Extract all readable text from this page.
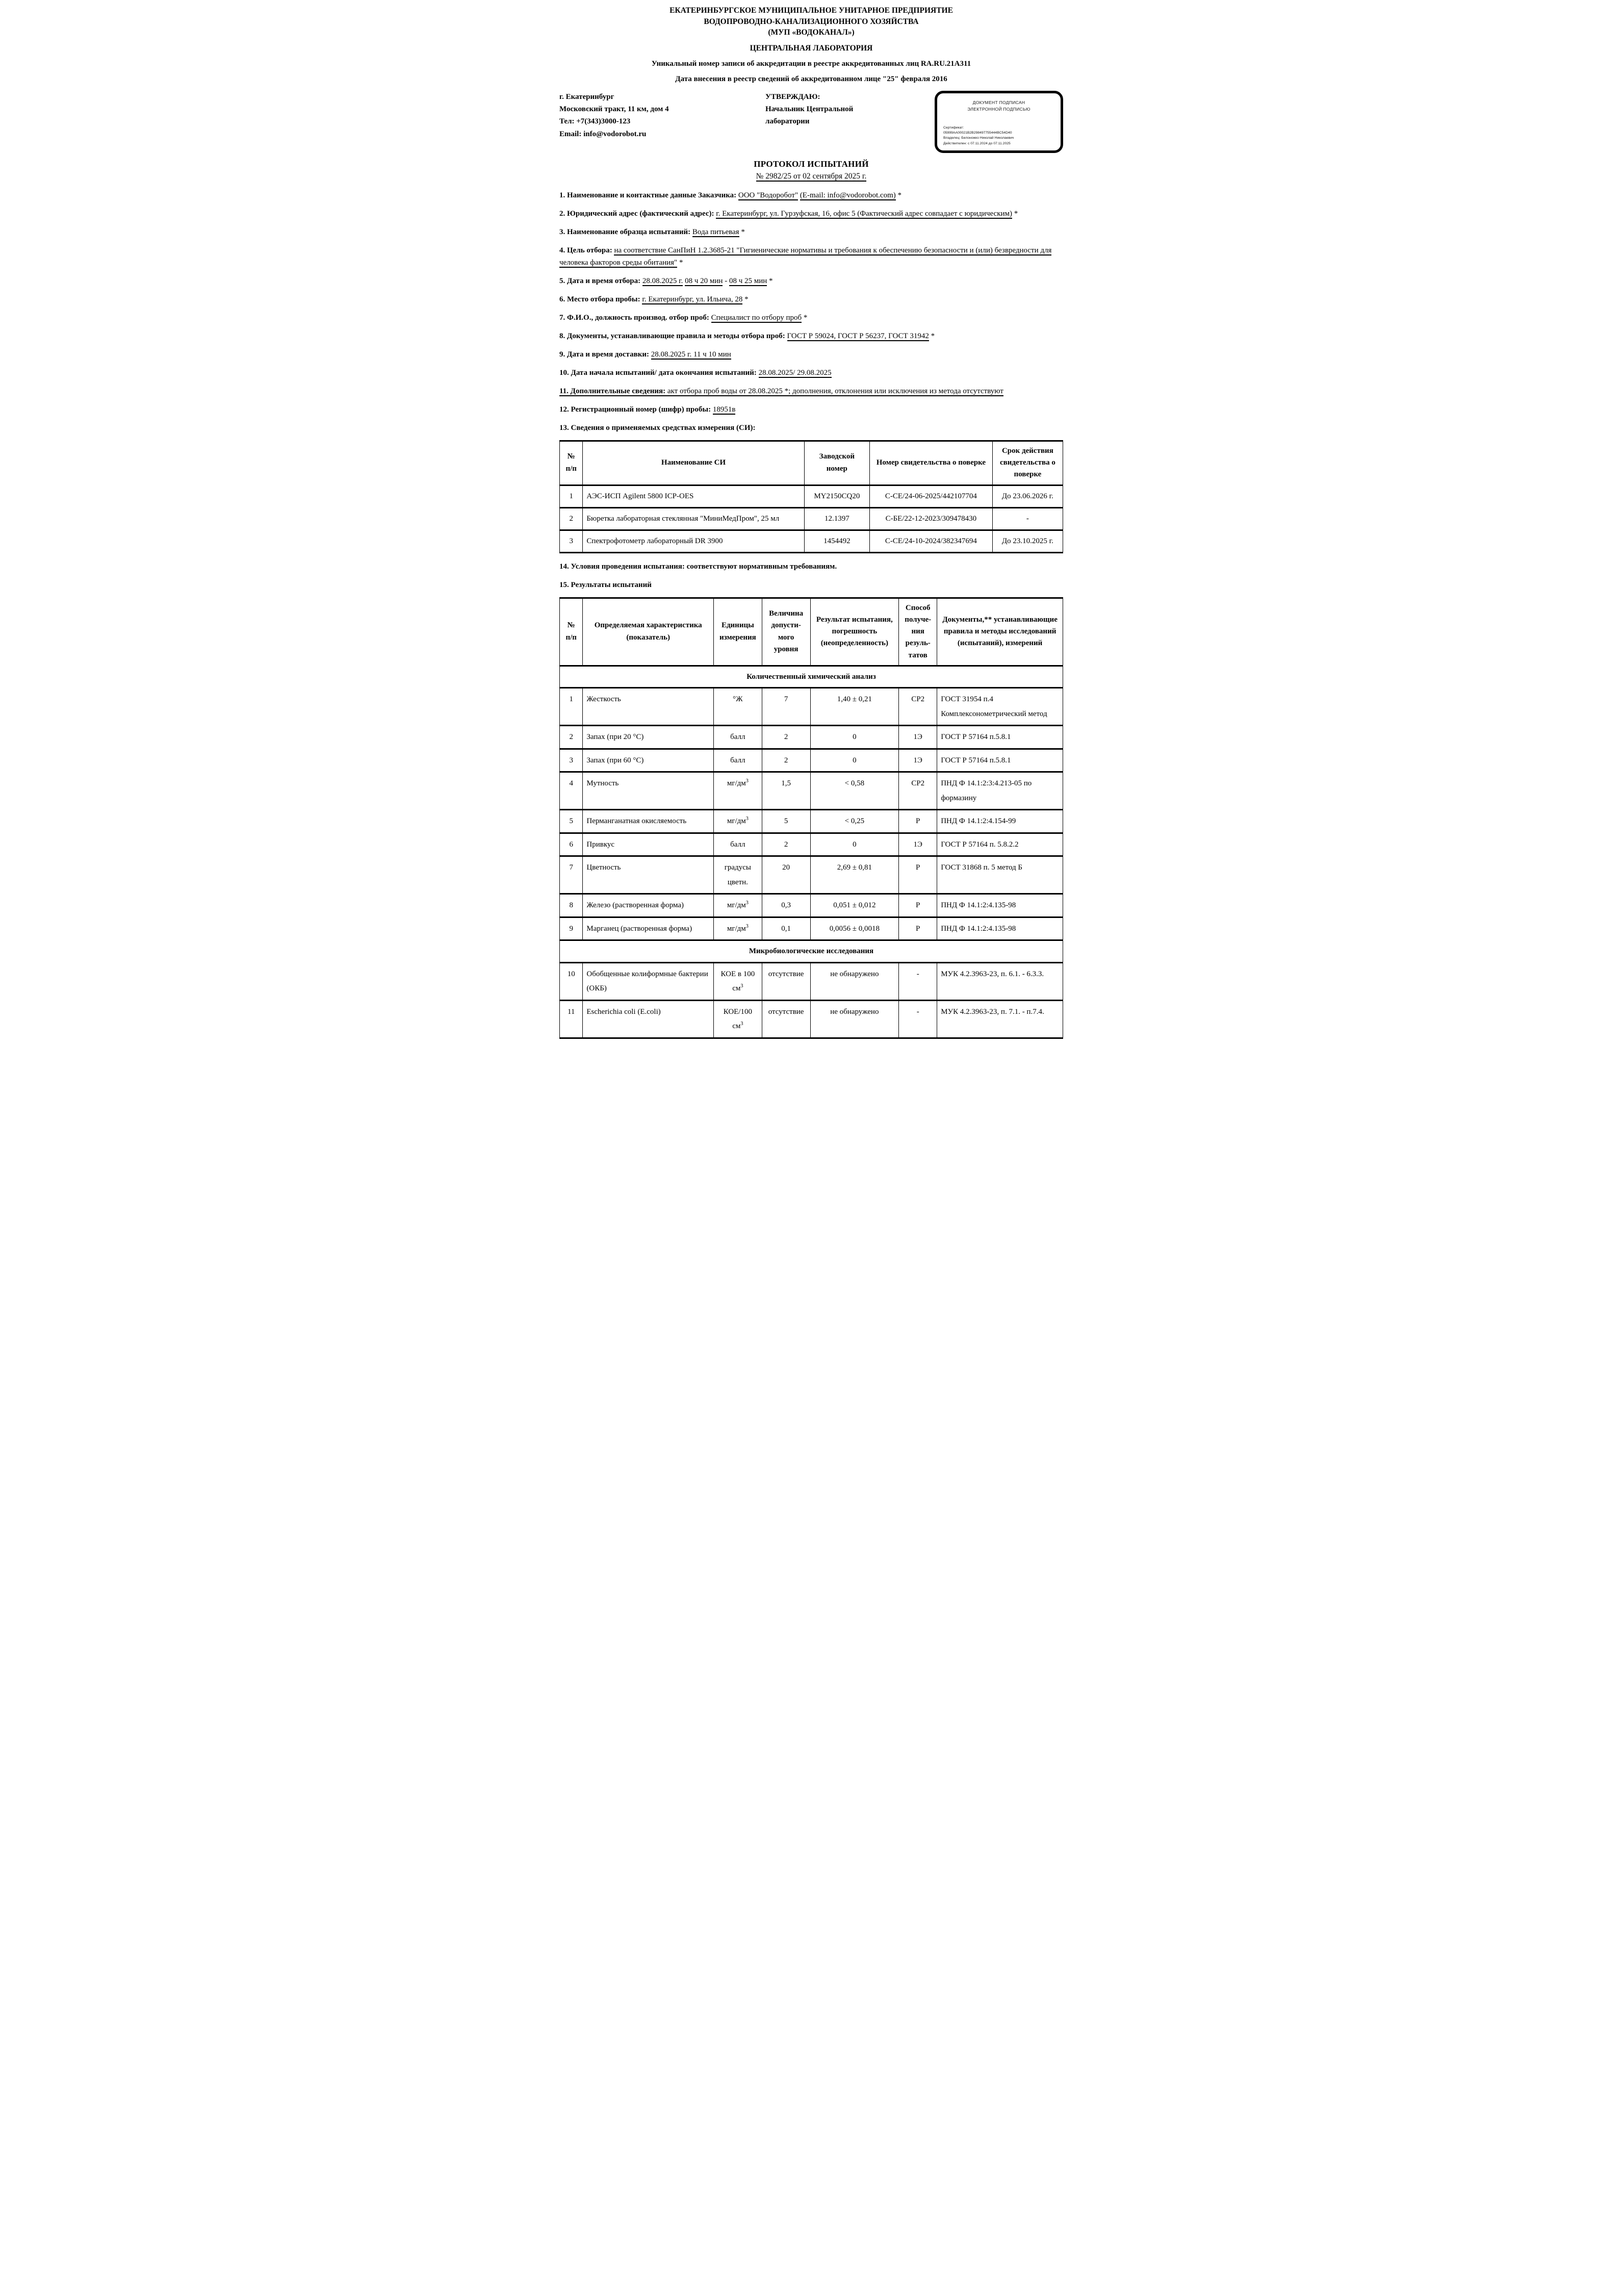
ЕКАТЕРИНБУРГСКОЕ МУНИЦИПАЛЬНОЕ УНИТАРНОЕ ПРЕДПРИЯТИЕ
ВОДОПРОВОДНО-КАНАЛИЗАЦИОННОГО ХОЗЯЙСТВА
(МУП «ВОДОКАНАЛ»)
ЦЕНТРАЛЬНАЯ ЛАБОРАТОРИЯ
Уникальный номер записи об аккредитации в реестре аккредитованных лиц RA.RU.21А311
Дата внесения в реестр сведений об аккредитованном лице "25" февраля 2016
г. Екатеринбург
Московский тракт, 11 км, дом 4
Тел: +7(343)3000-123
Email: info@vodorobot.ru
УТВЕРЖДАЮ:
Начальник Центральной
лаборатории
ДОКУМЕНТ ПОДПИСАН
ЭЛЕКТРОННОЙ ПОДПИСЬЮ
Сертификат:
05999AA00021B2B298497755444BC54D40
Владелец: Белоножко Николай Николаевич
Действителен: с 07.11.2024 до 07.11.2025
ПРОТОКОЛ ИСПЫТАНИЙ
№ 2982/25 от 02 сентября 2025 г.
1. Наименование и контактные данные Заказчика: ООО "Водоробот" (E-mail: info@vodorobot.com) *
2. Юридический адрес (фактический адрес): г. Екатеринбург, ул. Гурзуфская, 16, офис 5 (Фактический адрес совпадает с юридическим) *
3. Наименование образца испытаний: Вода питьевая *
4. Цель отбора: на соответствие СанПиН 1.2.3685-21 "Гигиенические нормативы и требования к обеспечению безопасности и (или) безвредности для человека факторов среды обитания" *
5. Дата и время отбора: 28.08.2025 г. 08 ч 20 мин - 08 ч 25 мин *
6. Место отбора пробы: г. Екатеринбург, ул. Ильича, 28 *
7. Ф.И.О., должность производ. отбор проб: Специалист по отбору проб *
8. Документы, устанавливающие правила и методы отбора проб: ГОСТ Р 59024, ГОСТ Р 56237, ГОСТ 31942 *
9. Дата и время доставки: 28.08.2025 г. 11 ч 10 мин
10. Дата начала испытаний/ дата окончания испытаний: 28.08.2025/ 29.08.2025
11. Дополнительные сведения: акт отбора проб воды от 28.08.2025 *; дополнения, отклонения или исключения из метода отсутствуют
12. Регистрационный номер (шифр) пробы: 18951в
13. Сведения о применяемых средствах измерения (СИ):
№ п/п	Наименование СИ	Заводской номер	Номер свидетельства о поверке	Срок действия свидетельства о поверке
1	АЭС-ИСП Agilent 5800 ICP-OES	MY2150CQ20	С-СЕ/24-06-2025/442107704	До 23.06.2026 г.
2	Бюретка лабораторная стеклянная "МиниМедПром", 25 мл	12.1397	С-БЕ/22-12-2023/309478430	-
3	Спектрофотометр лабораторный DR 3900	1454492	С-СЕ/24-10-2024/382347694	До 23.10.2025 г.
14. Условия проведения испытания: соответствуют нормативным требованиям.
15. Результаты испытаний
№ п/п	Определяемая характеристика (показатель)	Единицы измерения	Величина допусти-мого уровня	Результат испытания, погрешность (неопределенность)	Способ получе-ния резуль-татов	Документы,** устанавливающие правила и методы исследований (испытаний), измерений
Количественный химический анализ						
1	Жесткость	°Ж	7	1,40 ± 0,21	СР2	ГОСТ 31954 п.4 Комплексонометрический метод
2	Запах (при 20 °С)	балл	2	0	1Э	ГОСТ Р 57164 п.5.8.1
3	Запах (при 60 °С)	балл	2	0	1Э	ГОСТ Р 57164 п.5.8.1
4	Мутность	$мг/дм^3$	1,5	< 0,58	СР2	ПНД Ф 14.1:2:3:4.213-05 по формазину
5	Перманганатная окисляемость	$мг/дм^3$	5	< 0,25	Р	ПНД Ф 14.1:2:4.154-99
6	Привкус	балл	2	0	1Э	ГОСТ Р 57164 п. 5.8.2.2
7	Цветность	градусы цветн.	20	2,69 ± 0,81	Р	ГОСТ 31868 п. 5 метод Б
8	Железо (растворенная форма)	$мг/дм^3$	0,3	0,051 ± 0,012	Р	ПНД Ф 14.1:2:4.135-98
9	Марганец (растворенная форма)	$мг/дм^3$	0,1	0,0056 ± 0,0018	Р	ПНД Ф 14.1:2:4.135-98
Микробиологические исследования						
10	Обобщенные колиформные бактерии (ОКБ)	КОЕ в 100 $см^3$	отсутствие	не обнаружено	-	МУК 4.2.3963-23, п. 6.1. - 6.3.3.
11	Escherichia coli (E.coli)	КОЕ/100 $см^3$	отсутствие	не обнаружено	-	МУК 4.2.3963-23, п. 7.1. - п.7.4.
